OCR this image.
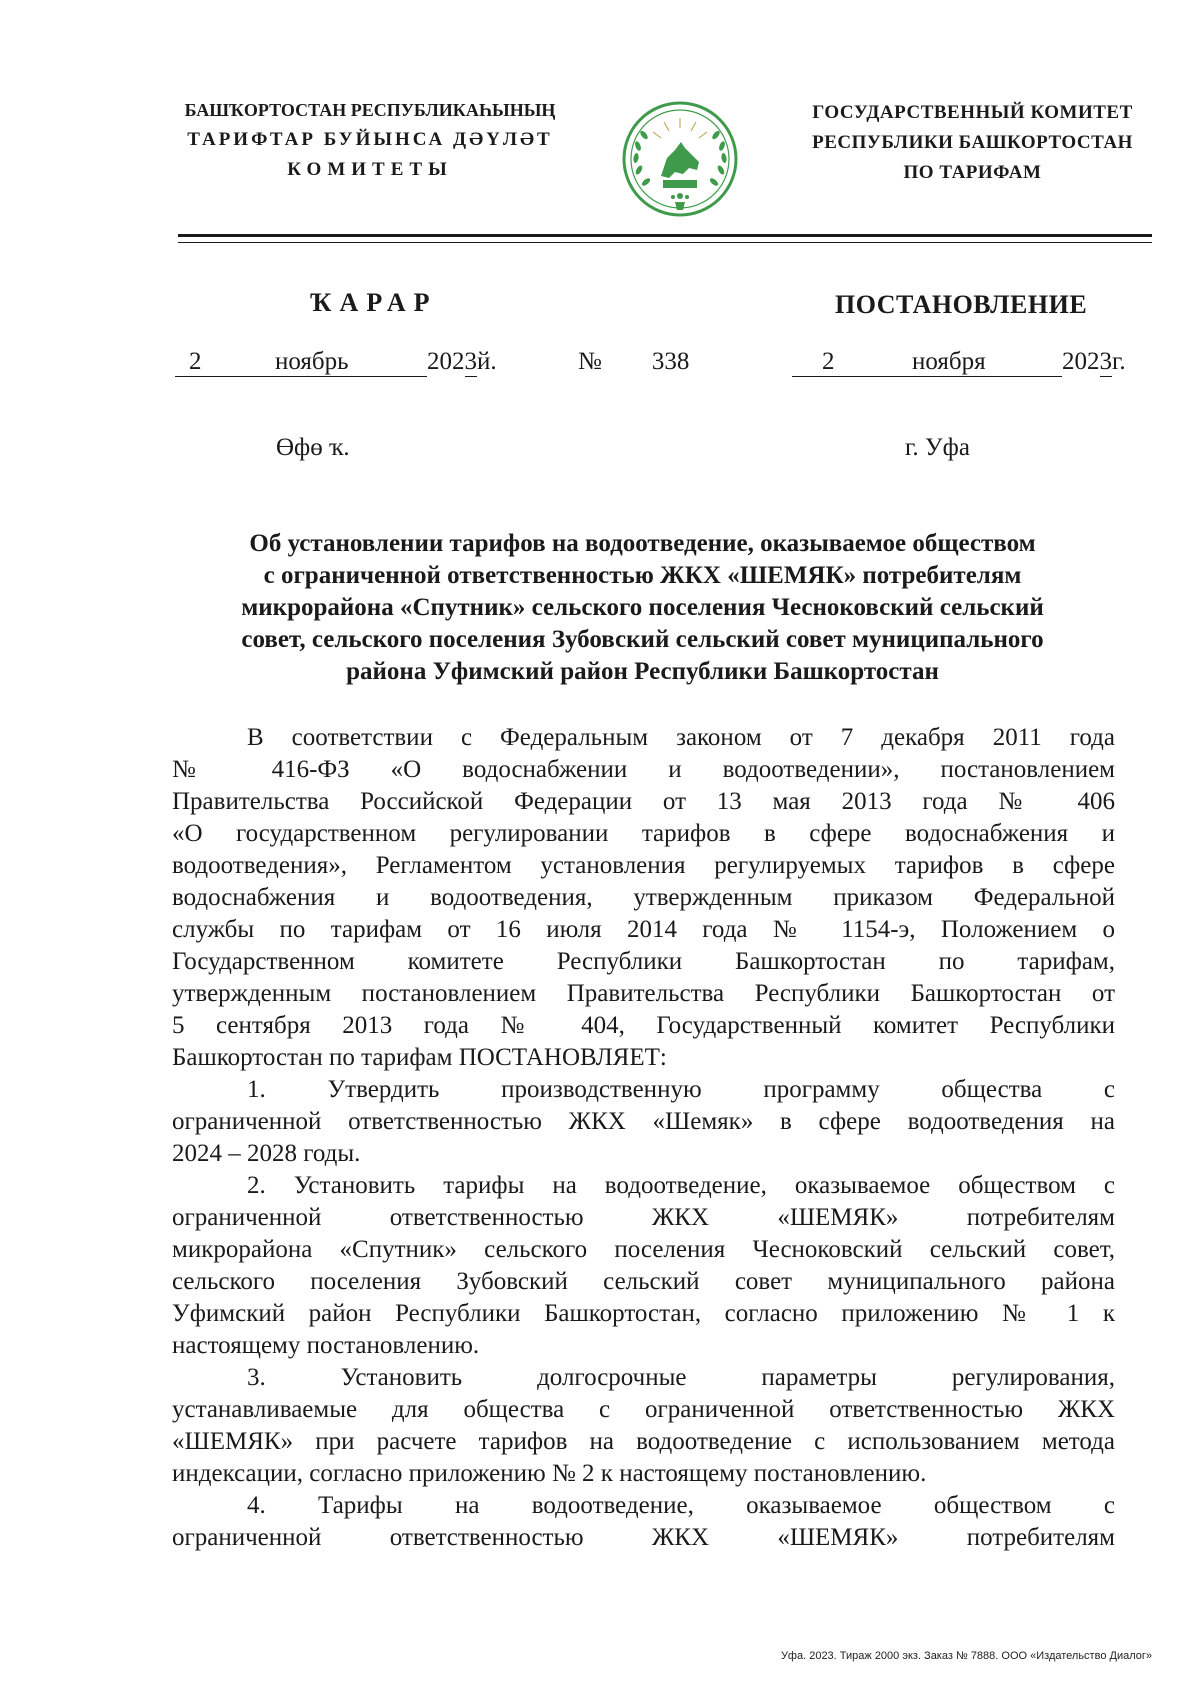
БАШҠОРТОСТАН РЕСПУБЛИКАҺЫНЫҢ
ТАРИФТАР БУЙЫНСА ДӘҮЛӘТ
КОМИТЕТЫ
ГОСУДАРСТВЕННЫЙ КОМИТЕТ
РЕСПУБЛИКИ БАШКОРТОСТАН
ПО ТАРИФАМ
ҠАРАР	ПОСТАНОВЛЕНИЕ
2	ноябрь	2023й.	№ 338	2	ноября	2023г.
Өфө ҡ.	г. Уфа
Об установлении тарифов на водоотведение, оказываемое обществом
с ограниченной ответственностью ЖКХ «ШЕМЯК» потребителям
микрорайона «Спутник» сельского поселения Чесноковский сельский
совет, сельского поселения Зубовский сельский совет муниципального
района Уфимский район Республики Башкортостан
В соответствии с Федеральным законом от 7 декабря 2011 года
№ 416-ФЗ «О водоснабжении и водоотведении», постановлением
Правительства Российской Федерации от 13 мая 2013 года № 406
«О государственном регулировании тарифов в сфере водоснабжения и
водоотведения», Регламентом установления регулируемых тарифов в сфере
водоснабжения и водоотведения, утвержденным приказом Федеральной
службы по тарифам от 16 июля 2014 года № 1154-э, Положением о
Государственном комитете Республики Башкортостан по тарифам,
утвержденным постановлением Правительства Республики Башкортостан от
5 сентября 2013 года № 404, Государственный комитет Республики
Башкортостан по тарифам ПОСТАНОВЛЯЕТ:
1. Утвердить производственную программу общества с
ограниченной ответственностью ЖКХ «Шемяк» в сфере водоотведения на
2024 – 2028 годы.
2. Установить тарифы на водоотведение, оказываемое обществом с
ограниченной ответственностью ЖКХ «ШЕМЯК» потребителям
микрорайона «Спутник» сельского поселения Чесноковский сельский совет,
сельского поселения Зубовский сельский совет муниципального района
Уфимский район Республики Башкортостан, согласно приложению № 1 к
настоящему постановлению.
3. Установить долгосрочные параметры регулирования,
устанавливаемые для общества с ограниченной ответственностью ЖКХ
«ШЕМЯК» при расчете тарифов на водоотведение с использованием метода
индексации, согласно приложению № 2 к настоящему постановлению.
4. Тарифы на водоотведение, оказываемое обществом с
ограниченной ответственностью ЖКХ «ШЕМЯК» потребителям
Уфа. 2023. Тираж 2000 экз. Заказ № 7888. ООО «Издательство Диалог»
